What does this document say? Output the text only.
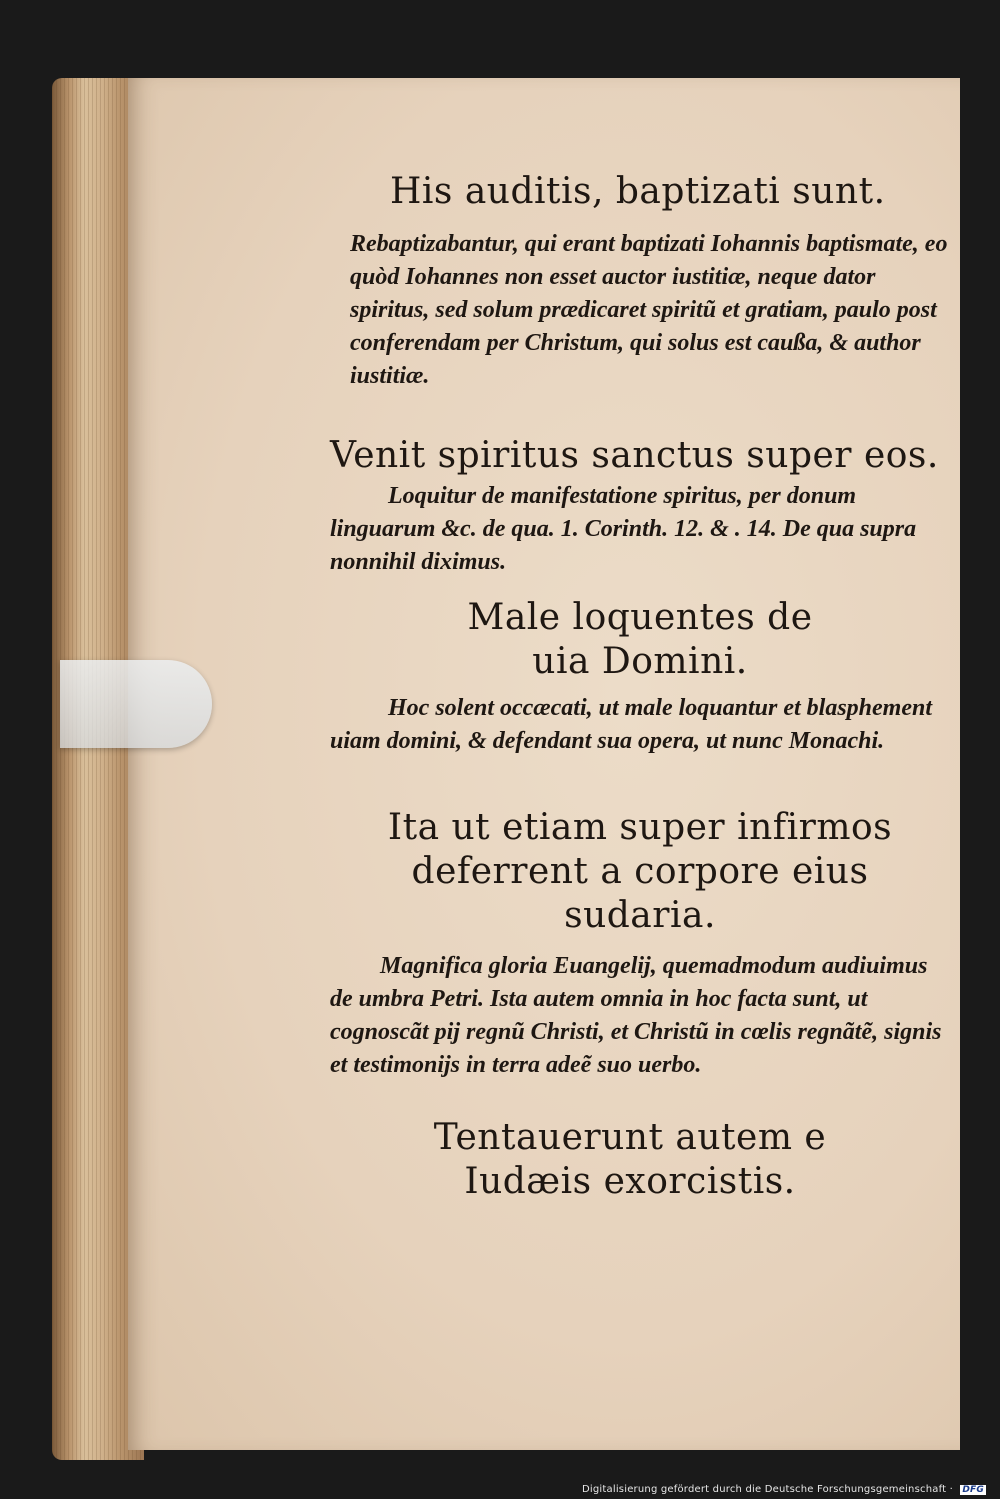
His auditis, baptizati sunt.

Rebaptizabantur, qui erant baptizati Iohannis baptismate, eo quòd Iohannes non esset auctor iustitiæ, neque dator spiritus, sed solum prædicaret spiritũ et gratiam, paulo post conferendam per Christum, qui solus est caußa, & author iustitiæ.

Venit spiritus sanctus super eos.

Loquitur de manifestatione spiritus, per donum linguarum &c. de qua. 1. Corinth. 12. & . 14. De qua supra nonnihil diximus.

Male loquentes de uia Domini.

Hoc solent occæcati, ut male loquantur et blasphement uiam domini, & defendant sua opera, ut nunc Monachi.

Ita ut etiam super infirmos deferrent a corpore eius sudaria.

Magnifica gloria Euangelij, quemadmodum audiuimus de umbra Petri. Ista autem omnia in hoc facta sunt, ut cognoscãt pij regnũ Christi, et Christũ in cœlis regnãtẽ, signis et testimonijs in terra adeẽ suo uerbo.

Tentauerunt autem e Iudæis exorcistis.

Digitalisierung gefördert durch die Deutsche Forschungsgemeinschaft · DFG
